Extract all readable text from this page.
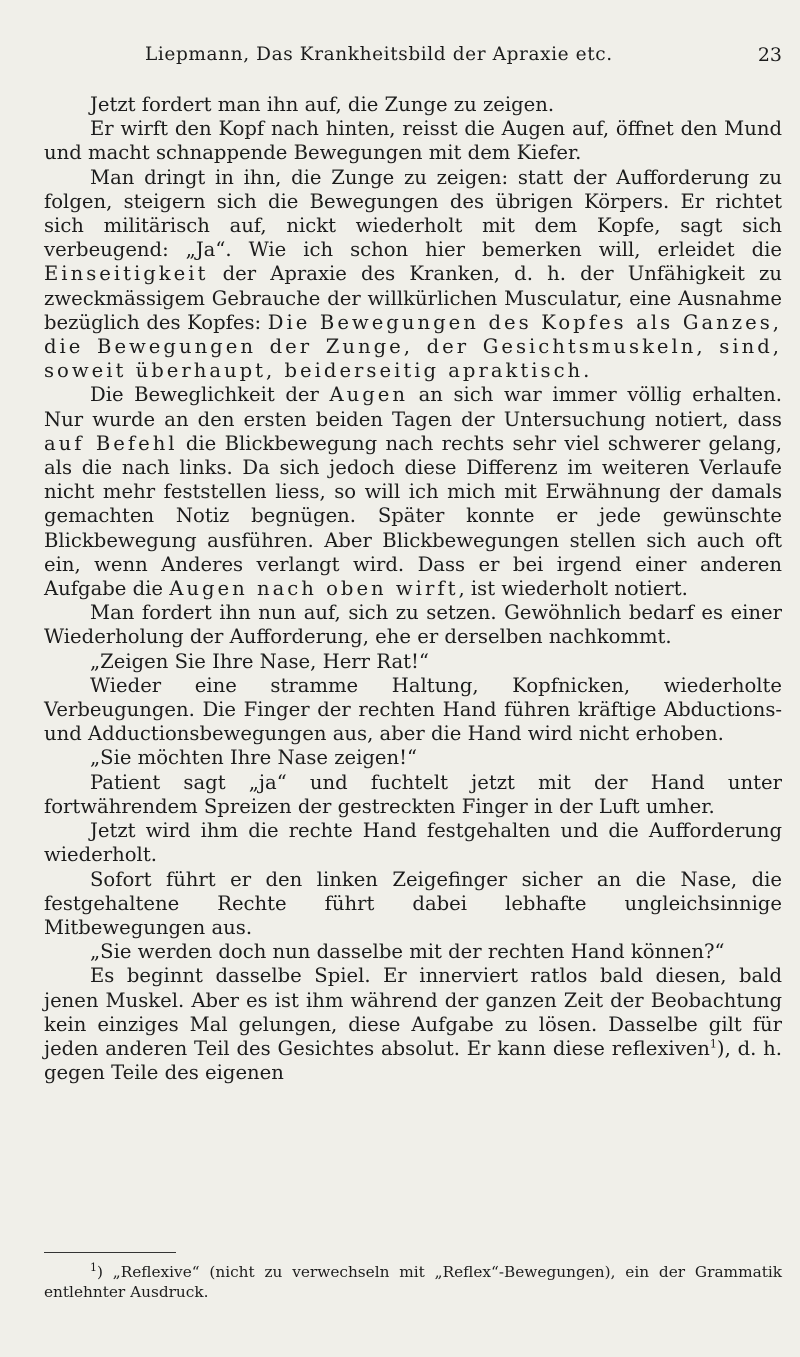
Liepmann, Das Krankheitsbild der Apraxie etc.	23

Jetzt fordert man ihn auf, die Zunge zu zeigen.

Er wirft den Kopf nach hinten, reisst die Augen auf, öffnet den Mund und macht schnappende Bewegungen mit dem Kiefer.

Man dringt in ihn, die Zunge zu zeigen: statt der Aufforderung zu folgen, steigern sich die Bewegungen des übrigen Körpers. Er richtet sich militärisch auf, nickt wiederholt mit dem Kopfe, sagt sich verbeugend: „Ja“. Wie ich schon hier bemerken will, erleidet die Einseitigkeit der Apraxie des Kranken, d. h. der Unfähigkeit zu zweckmässigem Gebrauche der willkürlichen Musculatur, eine Ausnahme bezüglich des Kopfes: Die Bewegungen des Kopfes als Ganzes, die Bewegungen der Zunge, der Gesichtsmuskeln, sind, soweit überhaupt, beiderseitig apraktisch.

Die Beweglichkeit der Augen an sich war immer völlig erhalten. Nur wurde an den ersten beiden Tagen der Untersuchung notiert, dass auf Befehl die Blickbewegung nach rechts sehr viel schwerer gelang, als die nach links. Da sich jedoch diese Differenz im weiteren Verlaufe nicht mehr feststellen liess, so will ich mich mit Erwähnung der damals gemachten Notiz begnügen. Später konnte er jede gewünschte Blickbewegung ausführen. Aber Blickbewegungen stellen sich auch oft ein, wenn Anderes verlangt wird. Dass er bei irgend einer anderen Aufgabe die Augen nach oben wirft, ist wiederholt notiert.

Man fordert ihn nun auf, sich zu setzen. Gewöhnlich bedarf es einer Wiederholung der Aufforderung, ehe er derselben nachkommt.

„Zeigen Sie Ihre Nase, Herr Rat!“

Wieder eine stramme Haltung, Kopfnicken, wiederholte Verbeugungen. Die Finger der rechten Hand führen kräftige Abductions- und Adductionsbewegungen aus, aber die Hand wird nicht erhoben.

„Sie möchten Ihre Nase zeigen!“

Patient sagt „ja“ und fuchtelt jetzt mit der Hand unter fortwährendem Spreizen der gestreckten Finger in der Luft umher.

Jetzt wird ihm die rechte Hand festgehalten und die Aufforderung wiederholt.

Sofort führt er den linken Zeigefinger sicher an die Nase, die festgehaltene Rechte führt dabei lebhafte ungleichsinnige Mitbewegungen aus.

„Sie werden doch nun dasselbe mit der rechten Hand können?“

Es beginnt dasselbe Spiel. Er innerviert ratlos bald diesen, bald jenen Muskel. Aber es ist ihm während der ganzen Zeit der Beobachtung kein einziges Mal gelungen, diese Aufgabe zu lösen. Dasselbe gilt für jeden anderen Teil des Gesichtes absolut. Er kann diese reflexiven$^1$), d. h. gegen Teile des eigenen

$^1$) „Reflexive“ (nicht zu verwechseln mit „Reflex“-Bewegungen), ein der Grammatik entlehnter Ausdruck.
